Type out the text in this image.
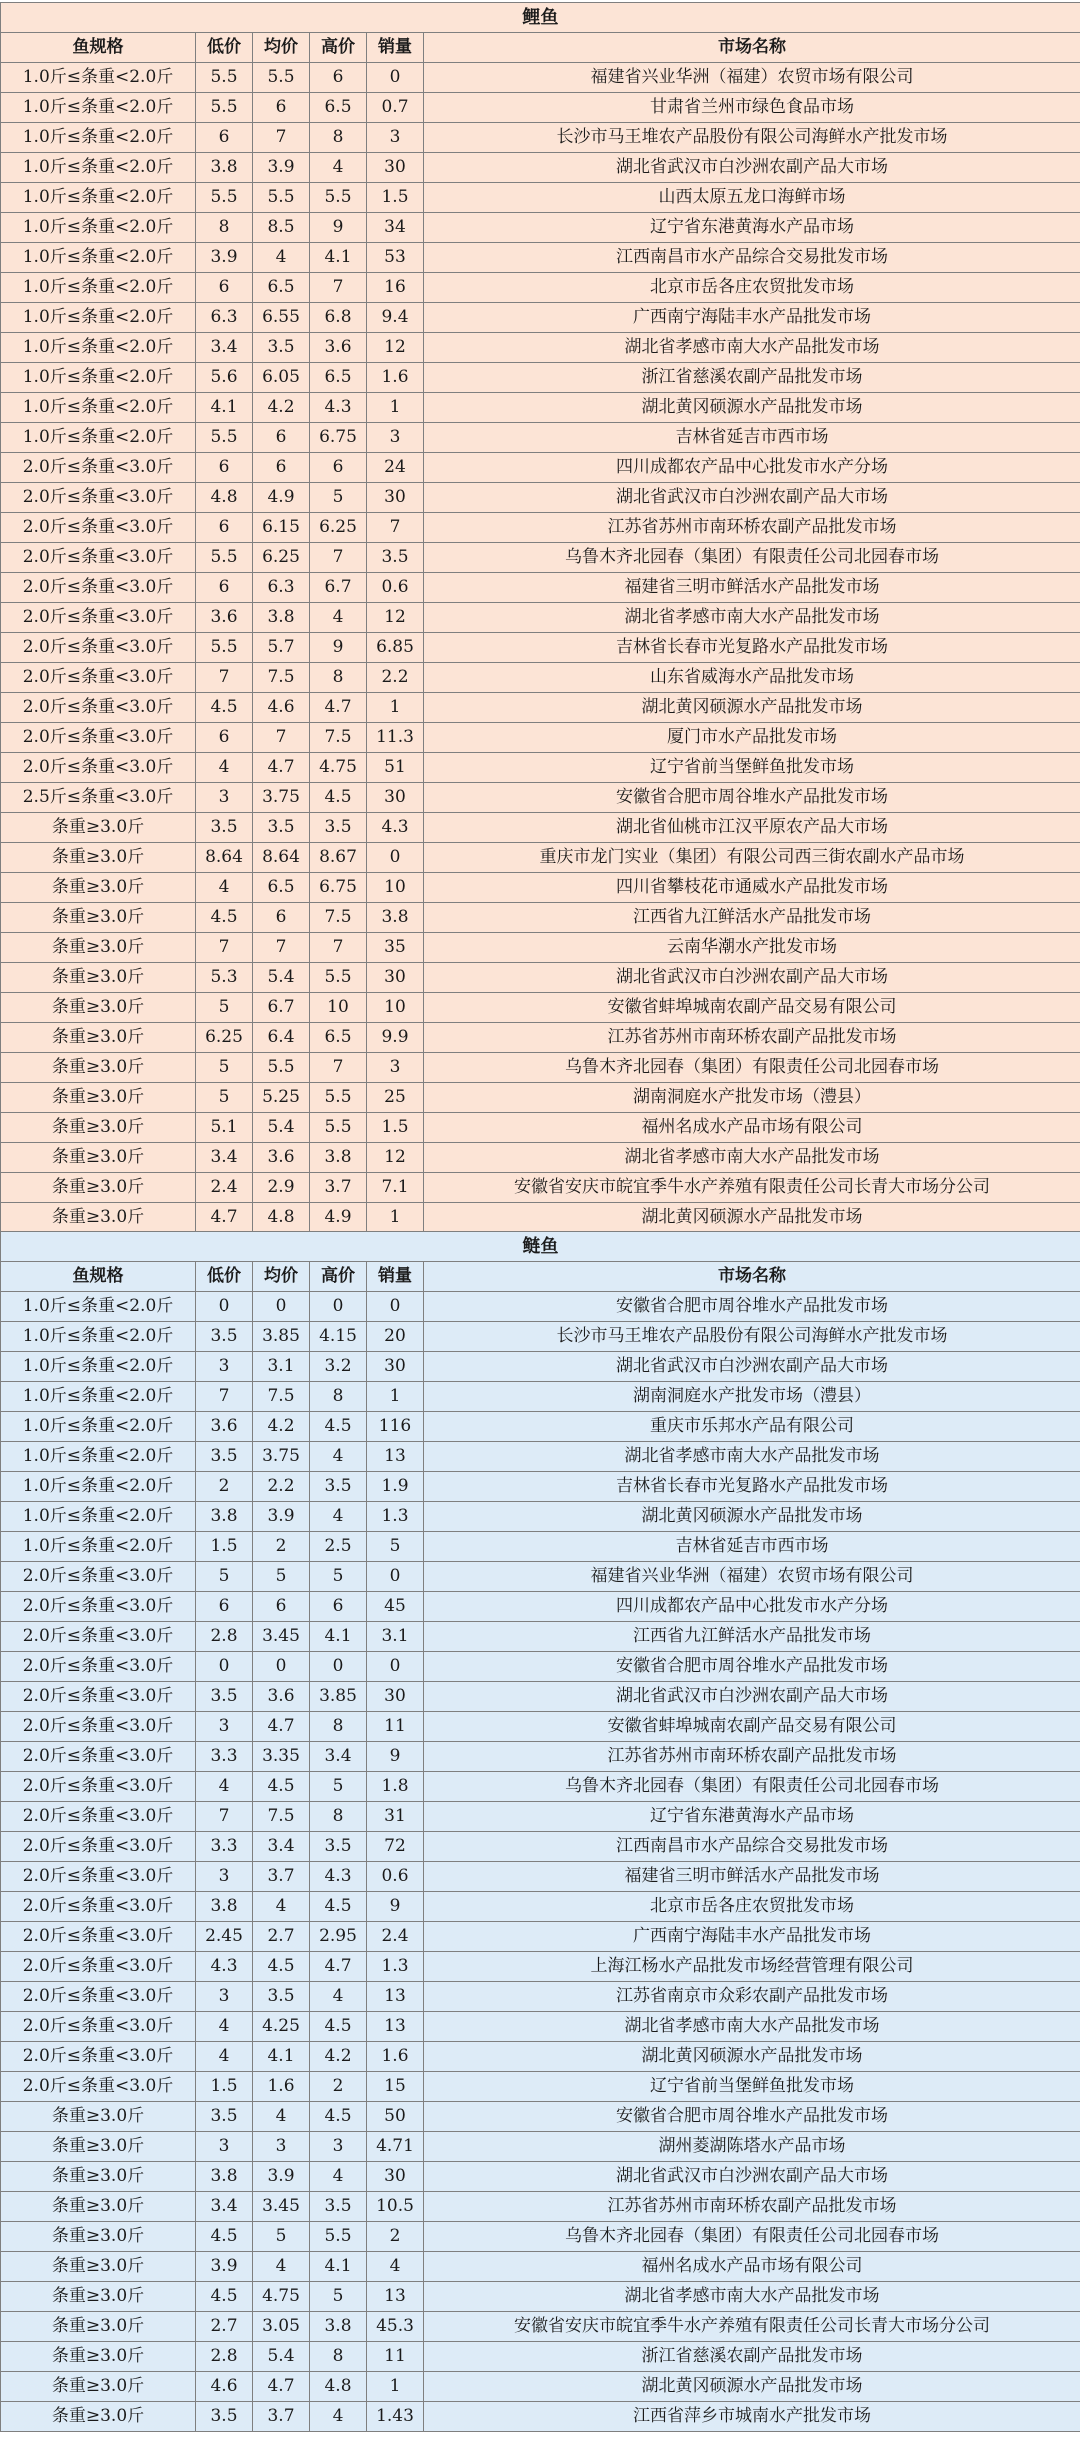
鲤鱼					
鱼规格	低价	均价	高价	销量	市场名称
1.0斤≤条重<2.0斤	5.5	5.5	6	0	福建省兴业华洲（福建）农贸市场有限公司
1.0斤≤条重<2.0斤	5.5	6	6.5	0.7	甘肃省兰州市绿色食品市场
1.0斤≤条重<2.0斤	6	7	8	3	长沙市马王堆农产品股份有限公司海鲜水产批发市场
1.0斤≤条重<2.0斤	3.8	3.9	4	30	湖北省武汉市白沙洲农副产品大市场
1.0斤≤条重<2.0斤	5.5	5.5	5.5	1.5	山西太原五龙口海鲜市场
1.0斤≤条重<2.0斤	8	8.5	9	34	辽宁省东港黄海水产品市场
1.0斤≤条重<2.0斤	3.9	4	4.1	53	江西南昌市水产品综合交易批发市场
1.0斤≤条重<2.0斤	6	6.5	7	16	北京市岳各庄农贸批发市场
1.0斤≤条重<2.0斤	6.3	6.55	6.8	9.4	广西南宁海陆丰水产品批发市场
1.0斤≤条重<2.0斤	3.4	3.5	3.6	12	湖北省孝感市南大水产品批发市场
1.0斤≤条重<2.0斤	5.6	6.05	6.5	1.6	浙江省慈溪农副产品批发市场
1.0斤≤条重<2.0斤	4.1	4.2	4.3	1	湖北黄冈硕源水产品批发市场
1.0斤≤条重<2.0斤	5.5	6	6.75	3	吉林省延吉市西市场
2.0斤≤条重<3.0斤	6	6	6	24	四川成都农产品中心批发市水产分场
2.0斤≤条重<3.0斤	4.8	4.9	5	30	湖北省武汉市白沙洲农副产品大市场
2.0斤≤条重<3.0斤	6	6.15	6.25	7	江苏省苏州市南环桥农副产品批发市场
2.0斤≤条重<3.0斤	5.5	6.25	7	3.5	乌鲁木齐北园春（集团）有限责任公司北园春市场
2.0斤≤条重<3.0斤	6	6.3	6.7	0.6	福建省三明市鲜活水产品批发市场
2.0斤≤条重<3.0斤	3.6	3.8	4	12	湖北省孝感市南大水产品批发市场
2.0斤≤条重<3.0斤	5.5	5.7	9	6.85	吉林省长春市光复路水产品批发市场
2.0斤≤条重<3.0斤	7	7.5	8	2.2	山东省威海水产品批发市场
2.0斤≤条重<3.0斤	4.5	4.6	4.7	1	湖北黄冈硕源水产品批发市场
2.0斤≤条重<3.0斤	6	7	7.5	11.3	厦门市水产品批发市场
2.0斤≤条重<3.0斤	4	4.7	4.75	51	辽宁省前当堡鲜鱼批发市场
2.5斤≤条重<3.0斤	3	3.75	4.5	30	安徽省合肥市周谷堆水产品批发市场
条重≥3.0斤	3.5	3.5	3.5	4.3	湖北省仙桃市江汉平原农产品大市场
条重≥3.0斤	8.64	8.64	8.67	0	重庆市龙门实业（集团）有限公司西三街农副水产品市场
条重≥3.0斤	4	6.5	6.75	10	四川省攀枝花市通威水产品批发市场
条重≥3.0斤	4.5	6	7.5	3.8	江西省九江鲜活水产品批发市场
条重≥3.0斤	7	7	7	35	云南华潮水产批发市场
条重≥3.0斤	5.3	5.4	5.5	30	湖北省武汉市白沙洲农副产品大市场
条重≥3.0斤	5	6.7	10	10	安徽省蚌埠城南农副产品交易有限公司
条重≥3.0斤	6.25	6.4	6.5	9.9	江苏省苏州市南环桥农副产品批发市场
条重≥3.0斤	5	5.5	7	3	乌鲁木齐北园春（集团）有限责任公司北园春市场
条重≥3.0斤	5	5.25	5.5	25	湖南洞庭水产批发市场（澧县）
条重≥3.0斤	5.1	5.4	5.5	1.5	福州名成水产品市场有限公司
条重≥3.0斤	3.4	3.6	3.8	12	湖北省孝感市南大水产品批发市场
条重≥3.0斤	2.4	2.9	3.7	7.1	安徽省安庆市皖宜季牛水产养殖有限责任公司长青大市场分公司
条重≥3.0斤	4.7	4.8	4.9	1	湖北黄冈硕源水产品批发市场
鲢鱼					
鱼规格	低价	均价	高价	销量	市场名称
1.0斤≤条重<2.0斤	0	0	0	0	安徽省合肥市周谷堆水产品批发市场
1.0斤≤条重<2.0斤	3.5	3.85	4.15	20	长沙市马王堆农产品股份有限公司海鲜水产批发市场
1.0斤≤条重<2.0斤	3	3.1	3.2	30	湖北省武汉市白沙洲农副产品大市场
1.0斤≤条重<2.0斤	7	7.5	8	1	湖南洞庭水产批发市场（澧县）
1.0斤≤条重<2.0斤	3.6	4.2	4.5	116	重庆市乐邦水产品有限公司
1.0斤≤条重<2.0斤	3.5	3.75	4	13	湖北省孝感市南大水产品批发市场
1.0斤≤条重<2.0斤	2	2.2	3.5	1.9	吉林省长春市光复路水产品批发市场
1.0斤≤条重<2.0斤	3.8	3.9	4	1.3	湖北黄冈硕源水产品批发市场
1.0斤≤条重<2.0斤	1.5	2	2.5	5	吉林省延吉市西市场
2.0斤≤条重<3.0斤	5	5	5	0	福建省兴业华洲（福建）农贸市场有限公司
2.0斤≤条重<3.0斤	6	6	6	45	四川成都农产品中心批发市水产分场
2.0斤≤条重<3.0斤	2.8	3.45	4.1	3.1	江西省九江鲜活水产品批发市场
2.0斤≤条重<3.0斤	0	0	0	0	安徽省合肥市周谷堆水产品批发市场
2.0斤≤条重<3.0斤	3.5	3.6	3.85	30	湖北省武汉市白沙洲农副产品大市场
2.0斤≤条重<3.0斤	3	4.7	8	11	安徽省蚌埠城南农副产品交易有限公司
2.0斤≤条重<3.0斤	3.3	3.35	3.4	9	江苏省苏州市南环桥农副产品批发市场
2.0斤≤条重<3.0斤	4	4.5	5	1.8	乌鲁木齐北园春（集团）有限责任公司北园春市场
2.0斤≤条重<3.0斤	7	7.5	8	31	辽宁省东港黄海水产品市场
2.0斤≤条重<3.0斤	3.3	3.4	3.5	72	江西南昌市水产品综合交易批发市场
2.0斤≤条重<3.0斤	3	3.7	4.3	0.6	福建省三明市鲜活水产品批发市场
2.0斤≤条重<3.0斤	3.8	4	4.5	9	北京市岳各庄农贸批发市场
2.0斤≤条重<3.0斤	2.45	2.7	2.95	2.4	广西南宁海陆丰水产品批发市场
2.0斤≤条重<3.0斤	4.3	4.5	4.7	1.3	上海江杨水产品批发市场经营管理有限公司
2.0斤≤条重<3.0斤	3	3.5	4	13	江苏省南京市众彩农副产品批发市场
2.0斤≤条重<3.0斤	4	4.25	4.5	13	湖北省孝感市南大水产品批发市场
2.0斤≤条重<3.0斤	4	4.1	4.2	1.6	湖北黄冈硕源水产品批发市场
2.0斤≤条重<3.0斤	1.5	1.6	2	15	辽宁省前当堡鲜鱼批发市场
条重≥3.0斤	3.5	4	4.5	50	安徽省合肥市周谷堆水产品批发市场
条重≥3.0斤	3	3	3	4.71	湖州菱湖陈塔水产品市场
条重≥3.0斤	3.8	3.9	4	30	湖北省武汉市白沙洲农副产品大市场
条重≥3.0斤	3.4	3.45	3.5	10.5	江苏省苏州市南环桥农副产品批发市场
条重≥3.0斤	4.5	5	5.5	2	乌鲁木齐北园春（集团）有限责任公司北园春市场
条重≥3.0斤	3.9	4	4.1	4	福州名成水产品市场有限公司
条重≥3.0斤	4.5	4.75	5	13	湖北省孝感市南大水产品批发市场
条重≥3.0斤	2.7	3.05	3.8	45.3	安徽省安庆市皖宜季牛水产养殖有限责任公司长青大市场分公司
条重≥3.0斤	2.8	5.4	8	11	浙江省慈溪农副产品批发市场
条重≥3.0斤	4.6	4.7	4.8	1	湖北黄冈硕源水产品批发市场
条重≥3.0斤	3.5	3.7	4	1.43	江西省萍乡市城南水产批发市场
